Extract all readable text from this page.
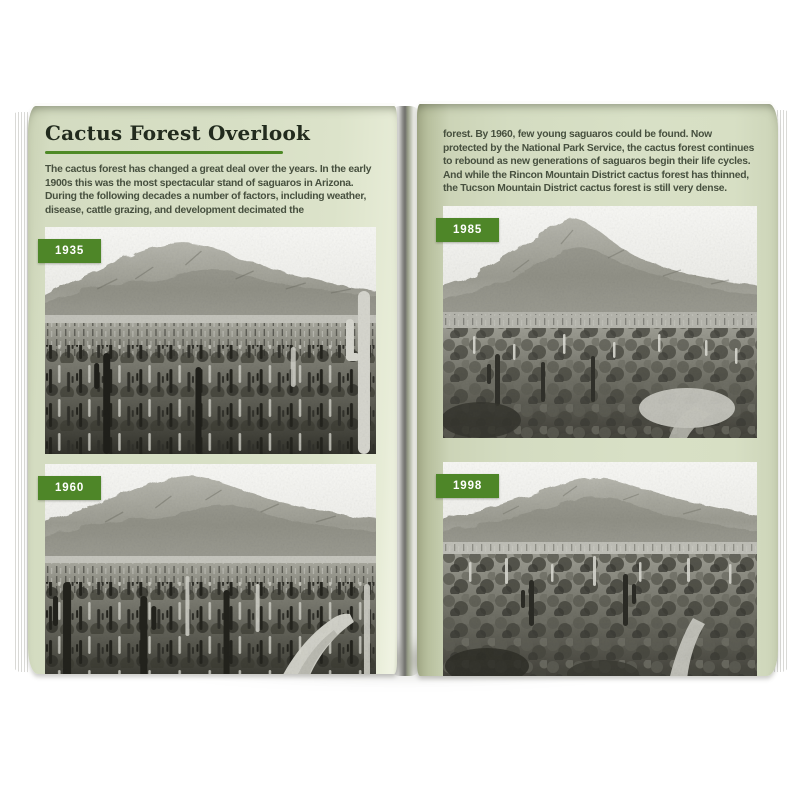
Cactus Forest Overlook

The cactus forest has changed a great deal over the years. In the early 1900s this was the most spectacular stand of saguaros in Arizona. During the following decades a number of factors, including weather, disease, cattle grazing, and development decimated the

1935
1960

forest. By 1960, few young saguaros could be found. Now protected by the National Park Service, the cactus forest continues to rebound as new generations of saguaros begin their life cycles. And while the Rincon Mountain District cactus forest has thinned, the Tucson Mountain District cactus forest is still very dense.

1985
1998
